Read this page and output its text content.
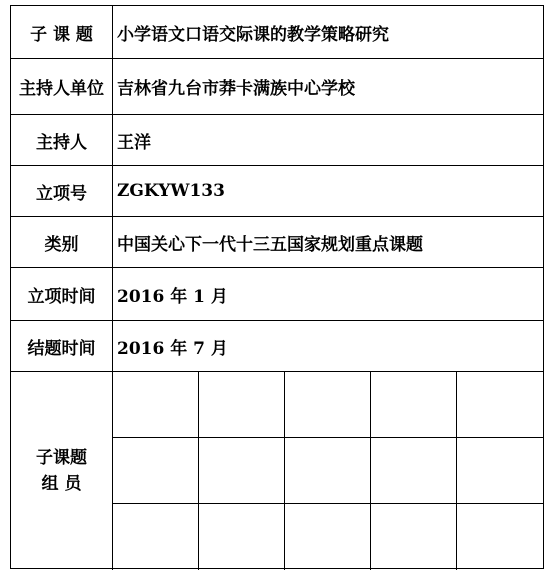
子 课 题	小学语文口语交际课的教学策略研究
主持人单位 吉林省九台市莽卡满族中心学校
主持人	王洋
立项号	ZGKYW133
类别	中国关心下一代十三五国家规划重点课题
立项时间	2016 年 1 月
结题时间	2016 年 7 月
子课题
组 员
